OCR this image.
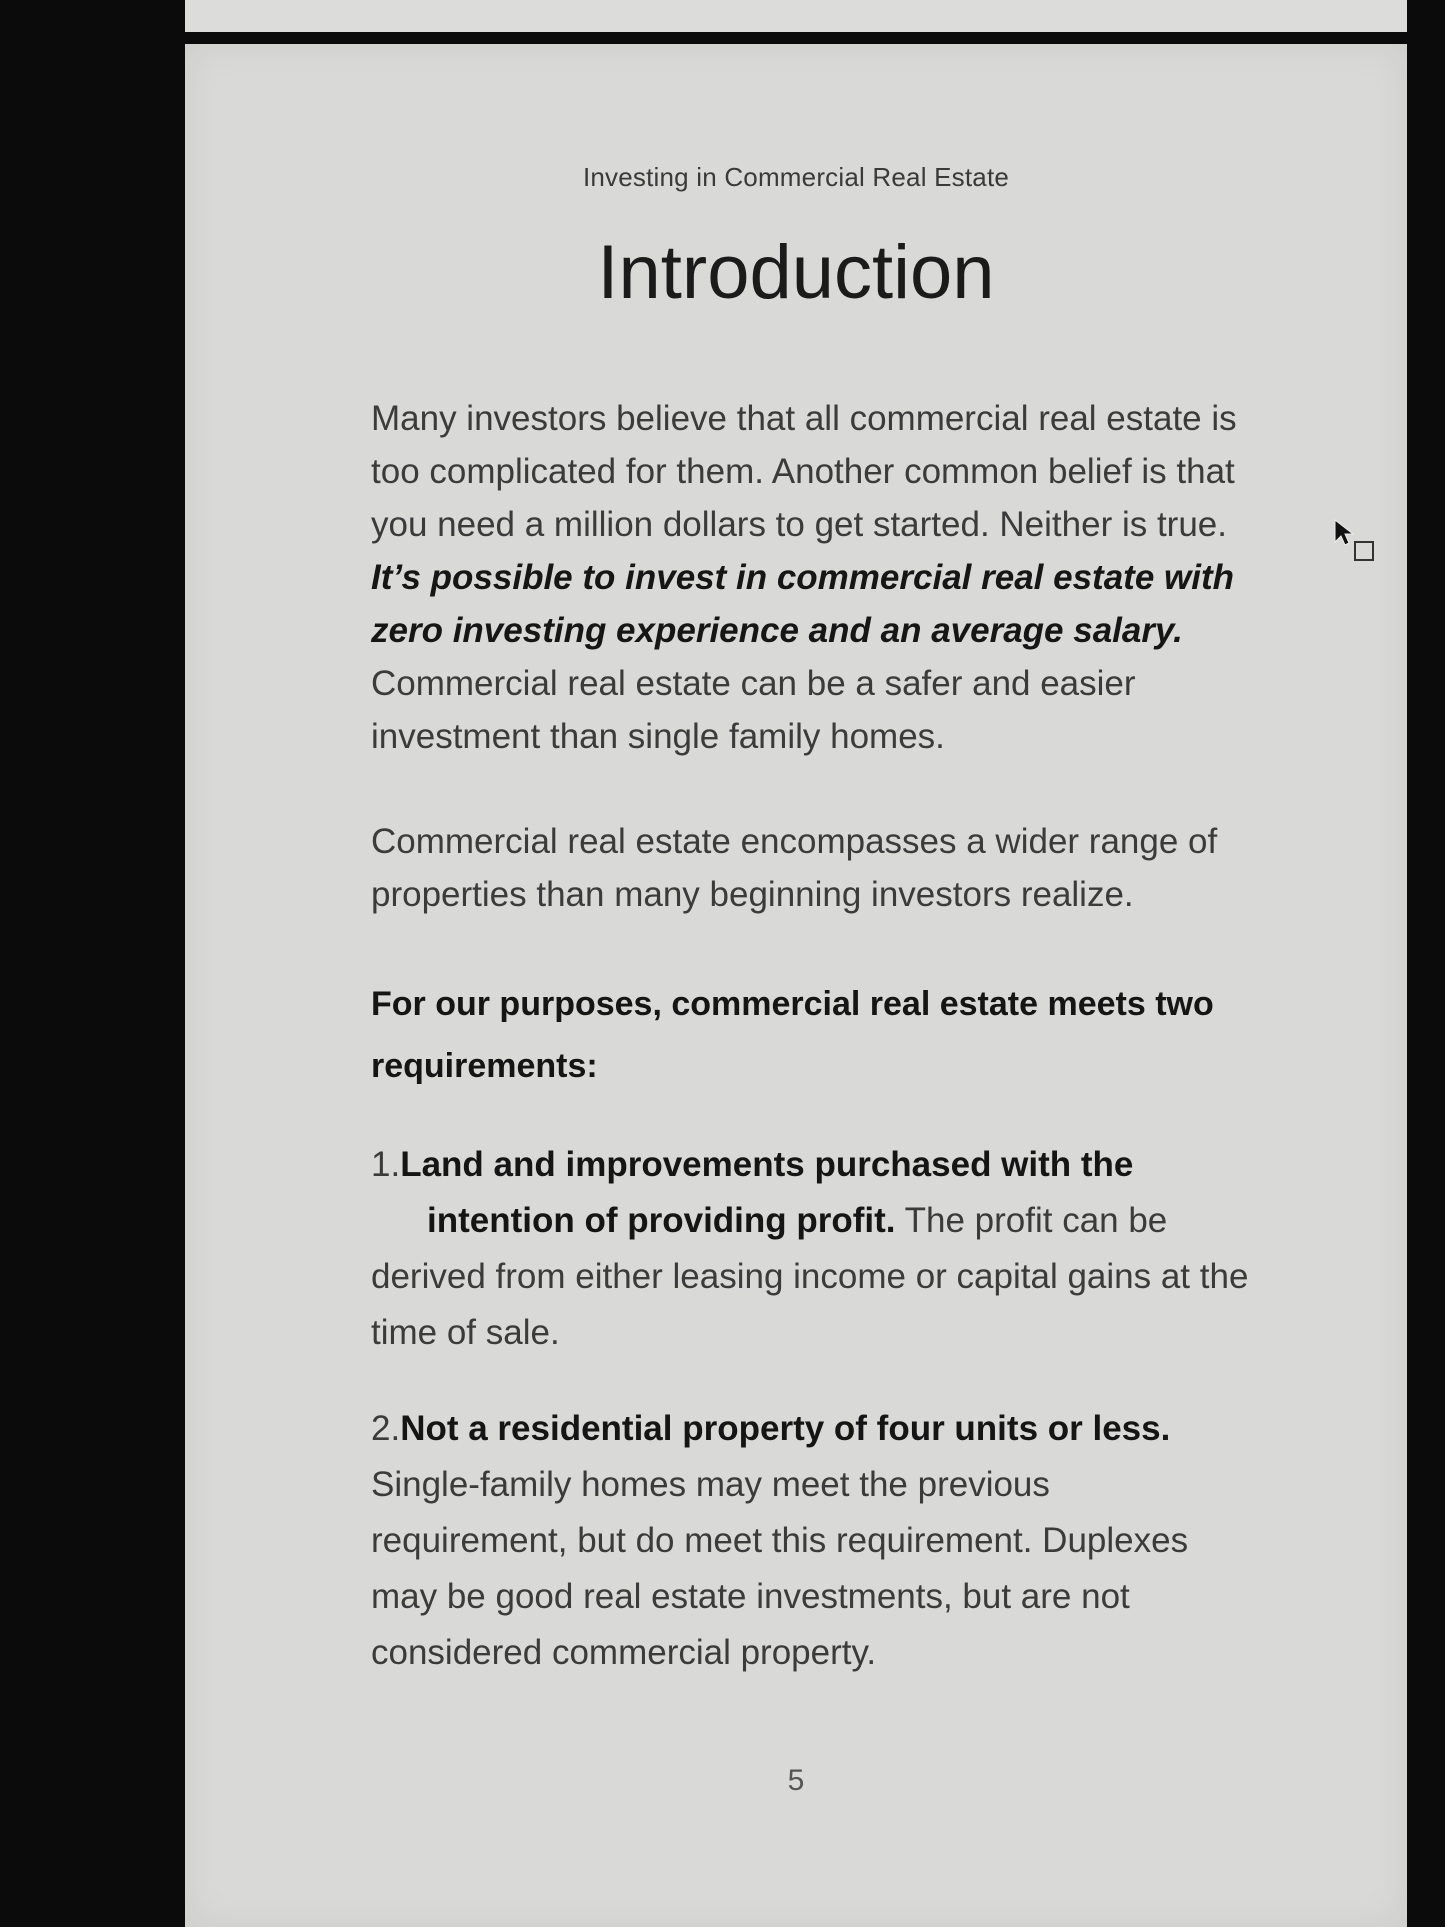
Investing in Commercial Real Estate
Introduction

Many investors believe that all commercial real estate is too complicated for them. Another common belief is that you need a million dollars to get started. Neither is true. It’s possible to invest in commercial real estate with
zero investing experience and an average salary.
Commercial real estate can be a safer and easier investment than single family homes.

Commercial real estate encompasses a wider range of properties than many beginning investors realize.

For our purposes, commercial real estate meets two requirements:

1.Land and improvements purchased with the
intention of providing profit. The profit can be derived from either leasing income or capital gains at the time of sale.

2.Not a residential property of four units or less.
Single-family homes may meet the previous requirement, but do meet this requirement. Duplexes may be good real estate investments, but are not considered commercial property.

5
